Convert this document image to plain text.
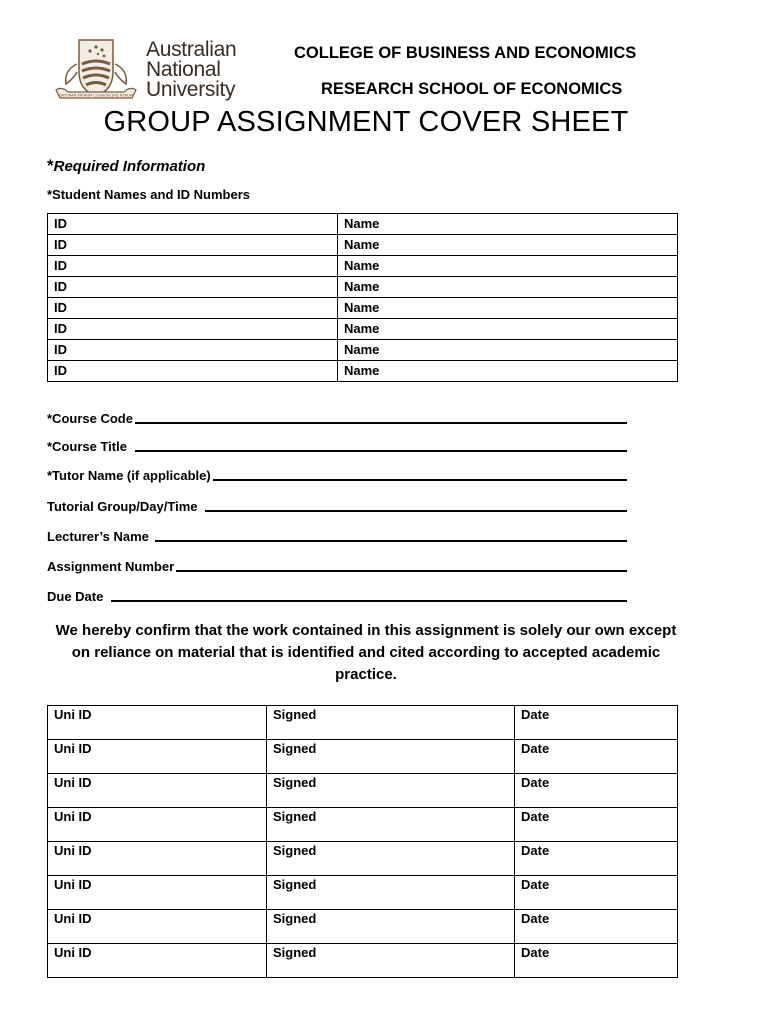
NATURAM PRIMUM COGNOSCERE RERUM
Australian
National
University
COLLEGE OF BUSINESS AND ECONOMICS
RESEARCH SCHOOL OF ECONOMICS
GROUP ASSIGNMENT COVER SHEET
*Required Information
*Student Names and ID Numbers
ID	Name
ID	Name
ID	Name
ID	Name
ID	Name
ID	Name
ID	Name
ID	Name
*Course Code
*Course Title
*Tutor Name (if applicable)
Tutorial Group/Day/Time
Lecturer’s Name
Assignment Number
Due Date
We hereby confirm that the work contained in this assignment is solely our own except on reliance on material that is identified and cited according to accepted academic practice.
Uni ID	Signed	Date
Uni ID	Signed	Date
Uni ID	Signed	Date
Uni ID	Signed	Date
Uni ID	Signed	Date
Uni ID	Signed	Date
Uni ID	Signed	Date
Uni ID	Signed	Date
